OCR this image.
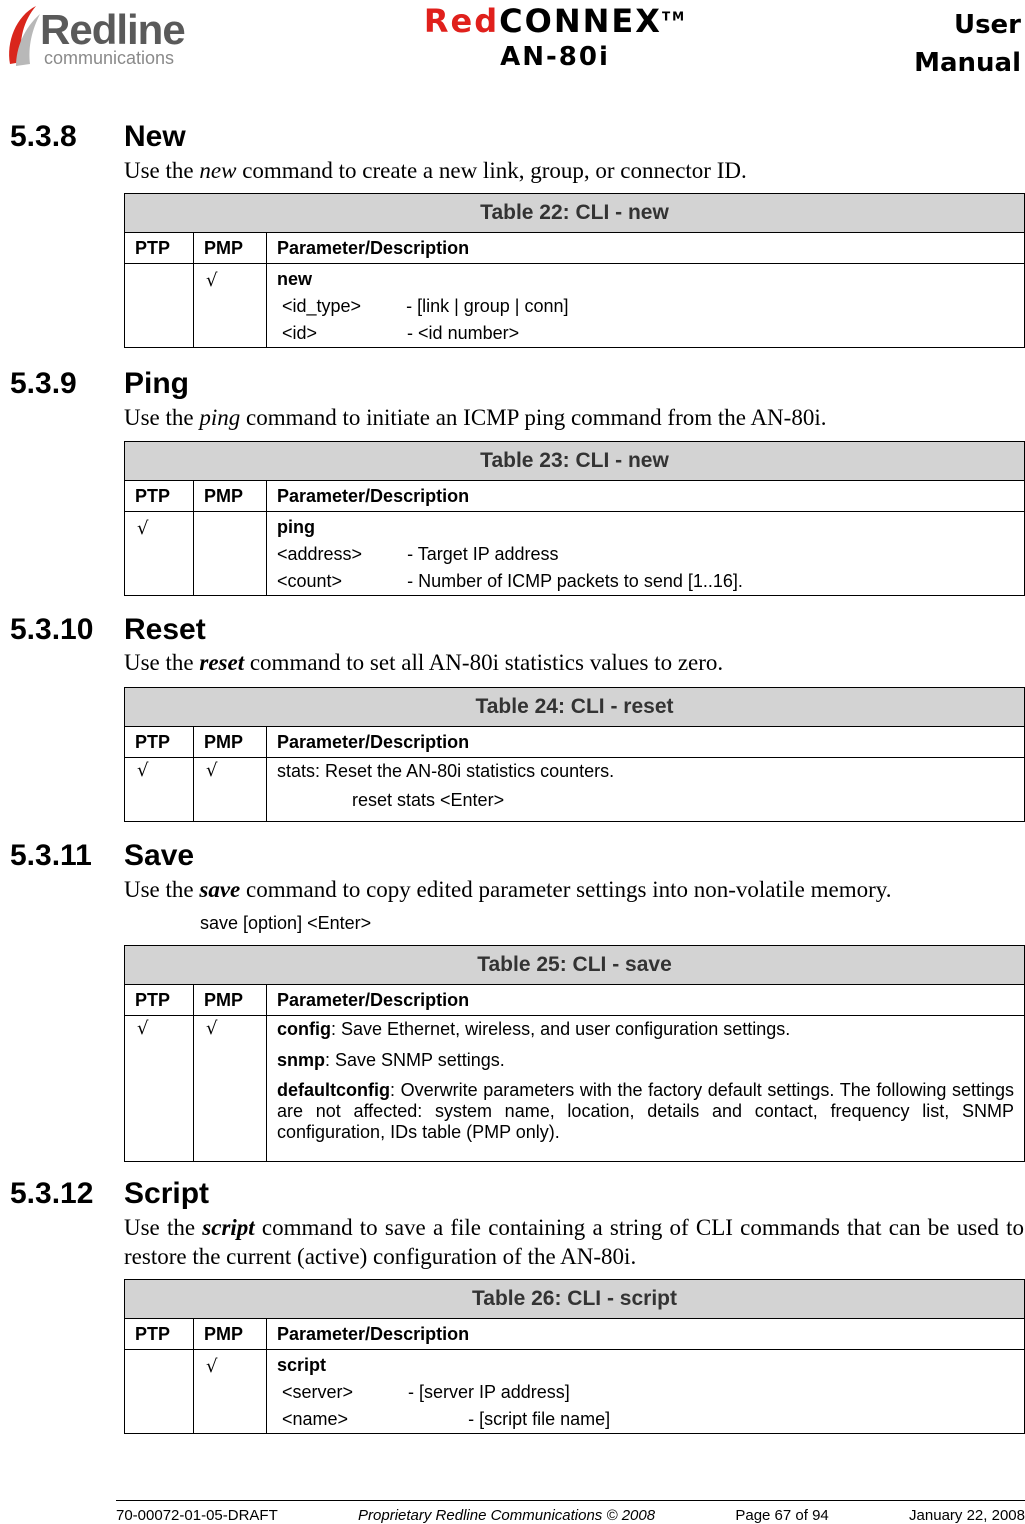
Redline
communications
RedCONNEX™
AN-80i
User
Manual
5.3.8 New
Use the new command to create a new link, group, or connector ID.
Table 22: CLI - new		
PTP	PMP	Parameter/Description

	√	new
<id_type>         - [link | group | conn]
<id>                  - <id number>
5.3.9 Ping
Use the ping command to initiate an ICMP ping command from the AN-80i.
Table 23: CLI - new		
PTP	PMP	Parameter/Description

√		ping
<address>         - Target IP address
<count>             - Number of ICMP packets to send [1..16].
5.3.10 Reset
Use the reset command to set all AN-80i statistics values to zero.
Table 24: CLI - reset		
PTP	PMP	Parameter/Description

√	√	stats: Reset the AN-80i statistics counters.
reset stats <Enter>
5.3.11 Save
Use the save command to copy edited parameter settings into non-volatile memory.
save [option] <Enter>
Table 25: CLI - save		
PTP	PMP	Parameter/Description

√	√	config: Save Ethernet, wireless, and user configuration settings.
snmp: Save SNMP settings.
defaultconfig: Overwrite parameters with the factory default settings. The following settings are not affected: system name, location, details and contact, frequency list, SNMP configuration, IDs table (PMP only).
5.3.12 Script
Use the script command to save a file containing a string of CLI commands that can be used to restore the current (active) configuration of the AN-80i.
Table 26: CLI - script		
PTP	PMP	Parameter/Description

	√	script
<server>           - [server IP address]
<name>                        - [script file name]
70-00072-01-05-DRAFT	Proprietary Redline Communications © 2008	Page 67 of 94	January 22, 2008
